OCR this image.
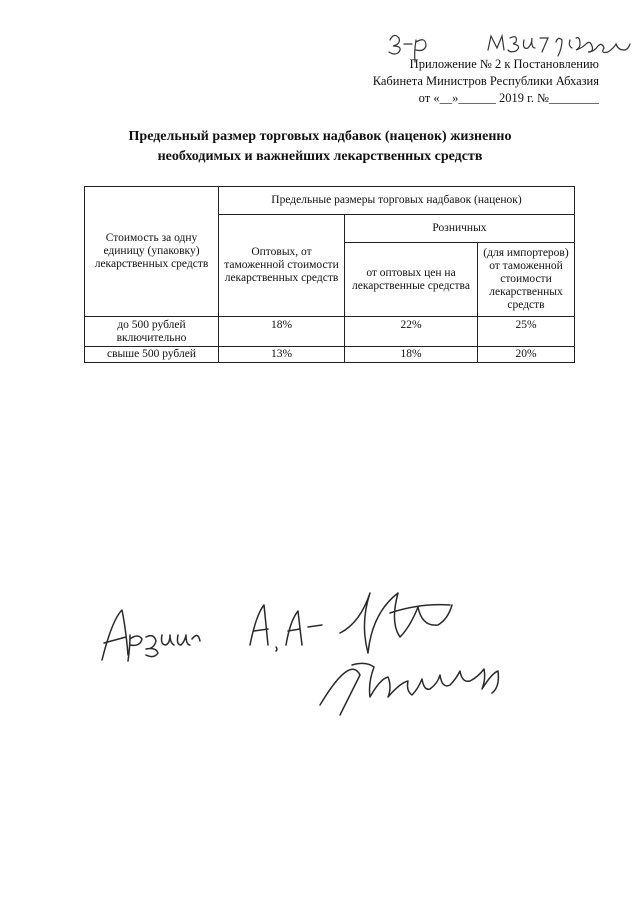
Приложение № 2 к Постановлению
Кабинета Министров Республики Абхазия
от «__»______ 2019 г. №________
Предельный размер торговых надбавок (наценок) жизненно
необходимых и важнейших лекарственных средств
Стоимость за одну единицу (упаковку) лекарственных средств	Предельные размеры торговых надбавок (наценок)		
	Оптовых, от таможенной стоимости лекарственных средств	Розничных	
		от оптовых цен на лекарственные средства	(для импортеров) от таможенной стоимости лекарственных средств
до 500 рублей включительно	18%	22%	25%
свыше 500 рублей	13%	18%	20%
